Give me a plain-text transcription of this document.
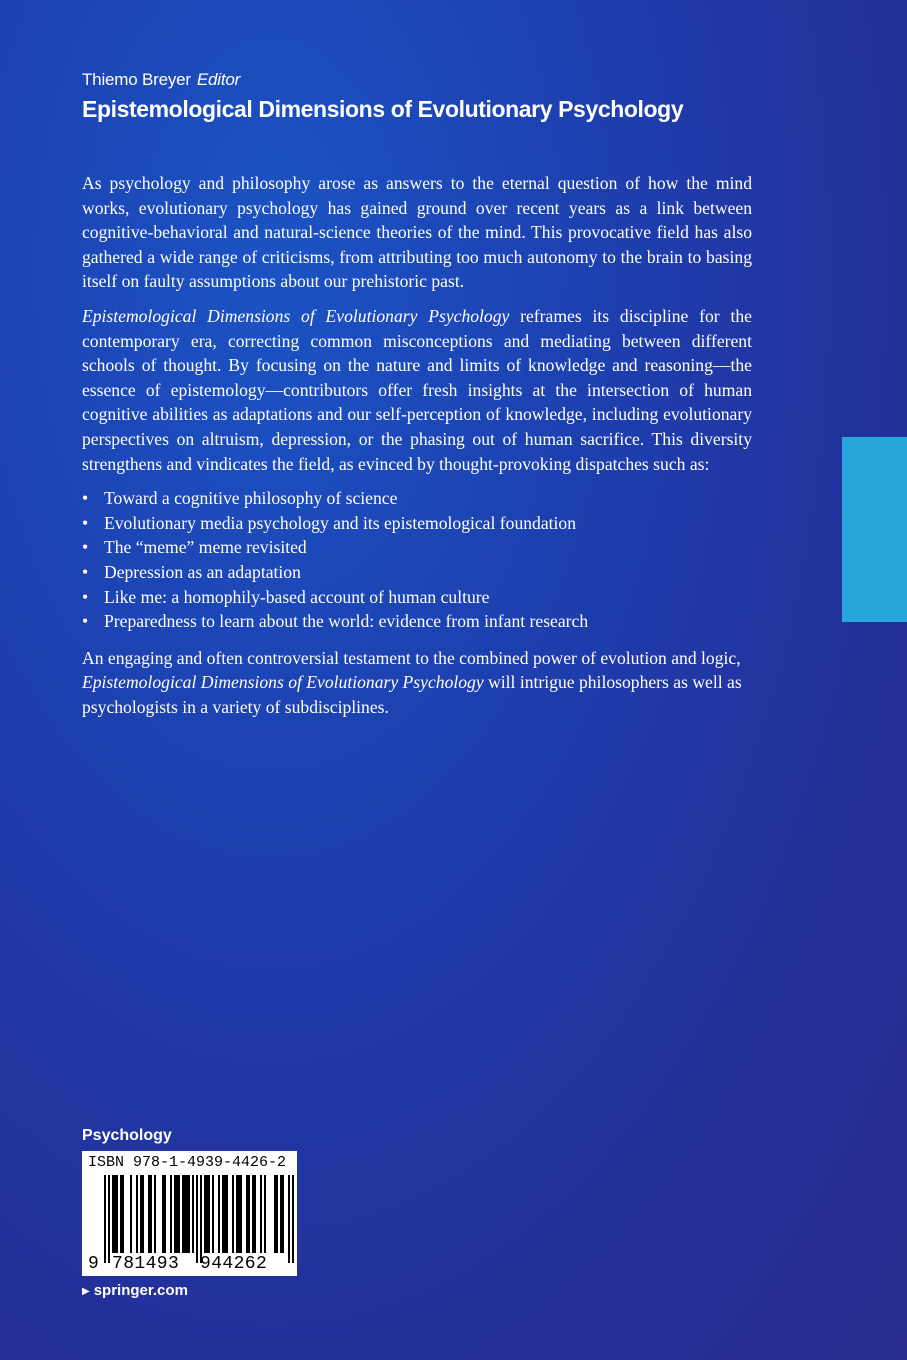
Thiemo Breyer Editor
Epistemological Dimensions of Evolutionary Psychology

As psychology and philosophy arose as answers to the eternal question of how the mind works, evolutionary psychology has gained ground over recent years as a link between cognitive-behavioral and natural-science theories of the mind. This provocative field has also gathered a wide range of criticisms, from attributing too much autonomy to the brain to basing itself on faulty assumptions about our prehistoric past.

Epistemological Dimensions of Evolutionary Psychology reframes its discipline for the contemporary era, correcting common misconceptions and mediating between different schools of thought. By focusing on the nature and limits of knowledge and reasoning—the essence of epistemology—contributors offer fresh insights at the intersection of human cognitive abilities as adaptations and our self-perception of knowledge, including evolutionary perspectives on altruism, depression, or the phasing out of human sacrifice. This diversity strengthens and vindicates the field, as evinced by thought-provoking dispatches such as:

• Toward a cognitive philosophy of science
• Evolutionary media psychology and its epistemological foundation
• The “meme” meme revisited
• Depression as an adaptation
• Like me: a homophily-based account of human culture
• Preparedness to learn about the world: evidence from infant research

An engaging and often controversial testament to the combined power of evolution and logic, Epistemological Dimensions of Evolutionary Psychology will intrigue philosophers as well as psychologists in a variety of subdisciplines.

Psychology
ISBN 978-1-4939-4426-2
9 781493 944262
▶ springer.com
